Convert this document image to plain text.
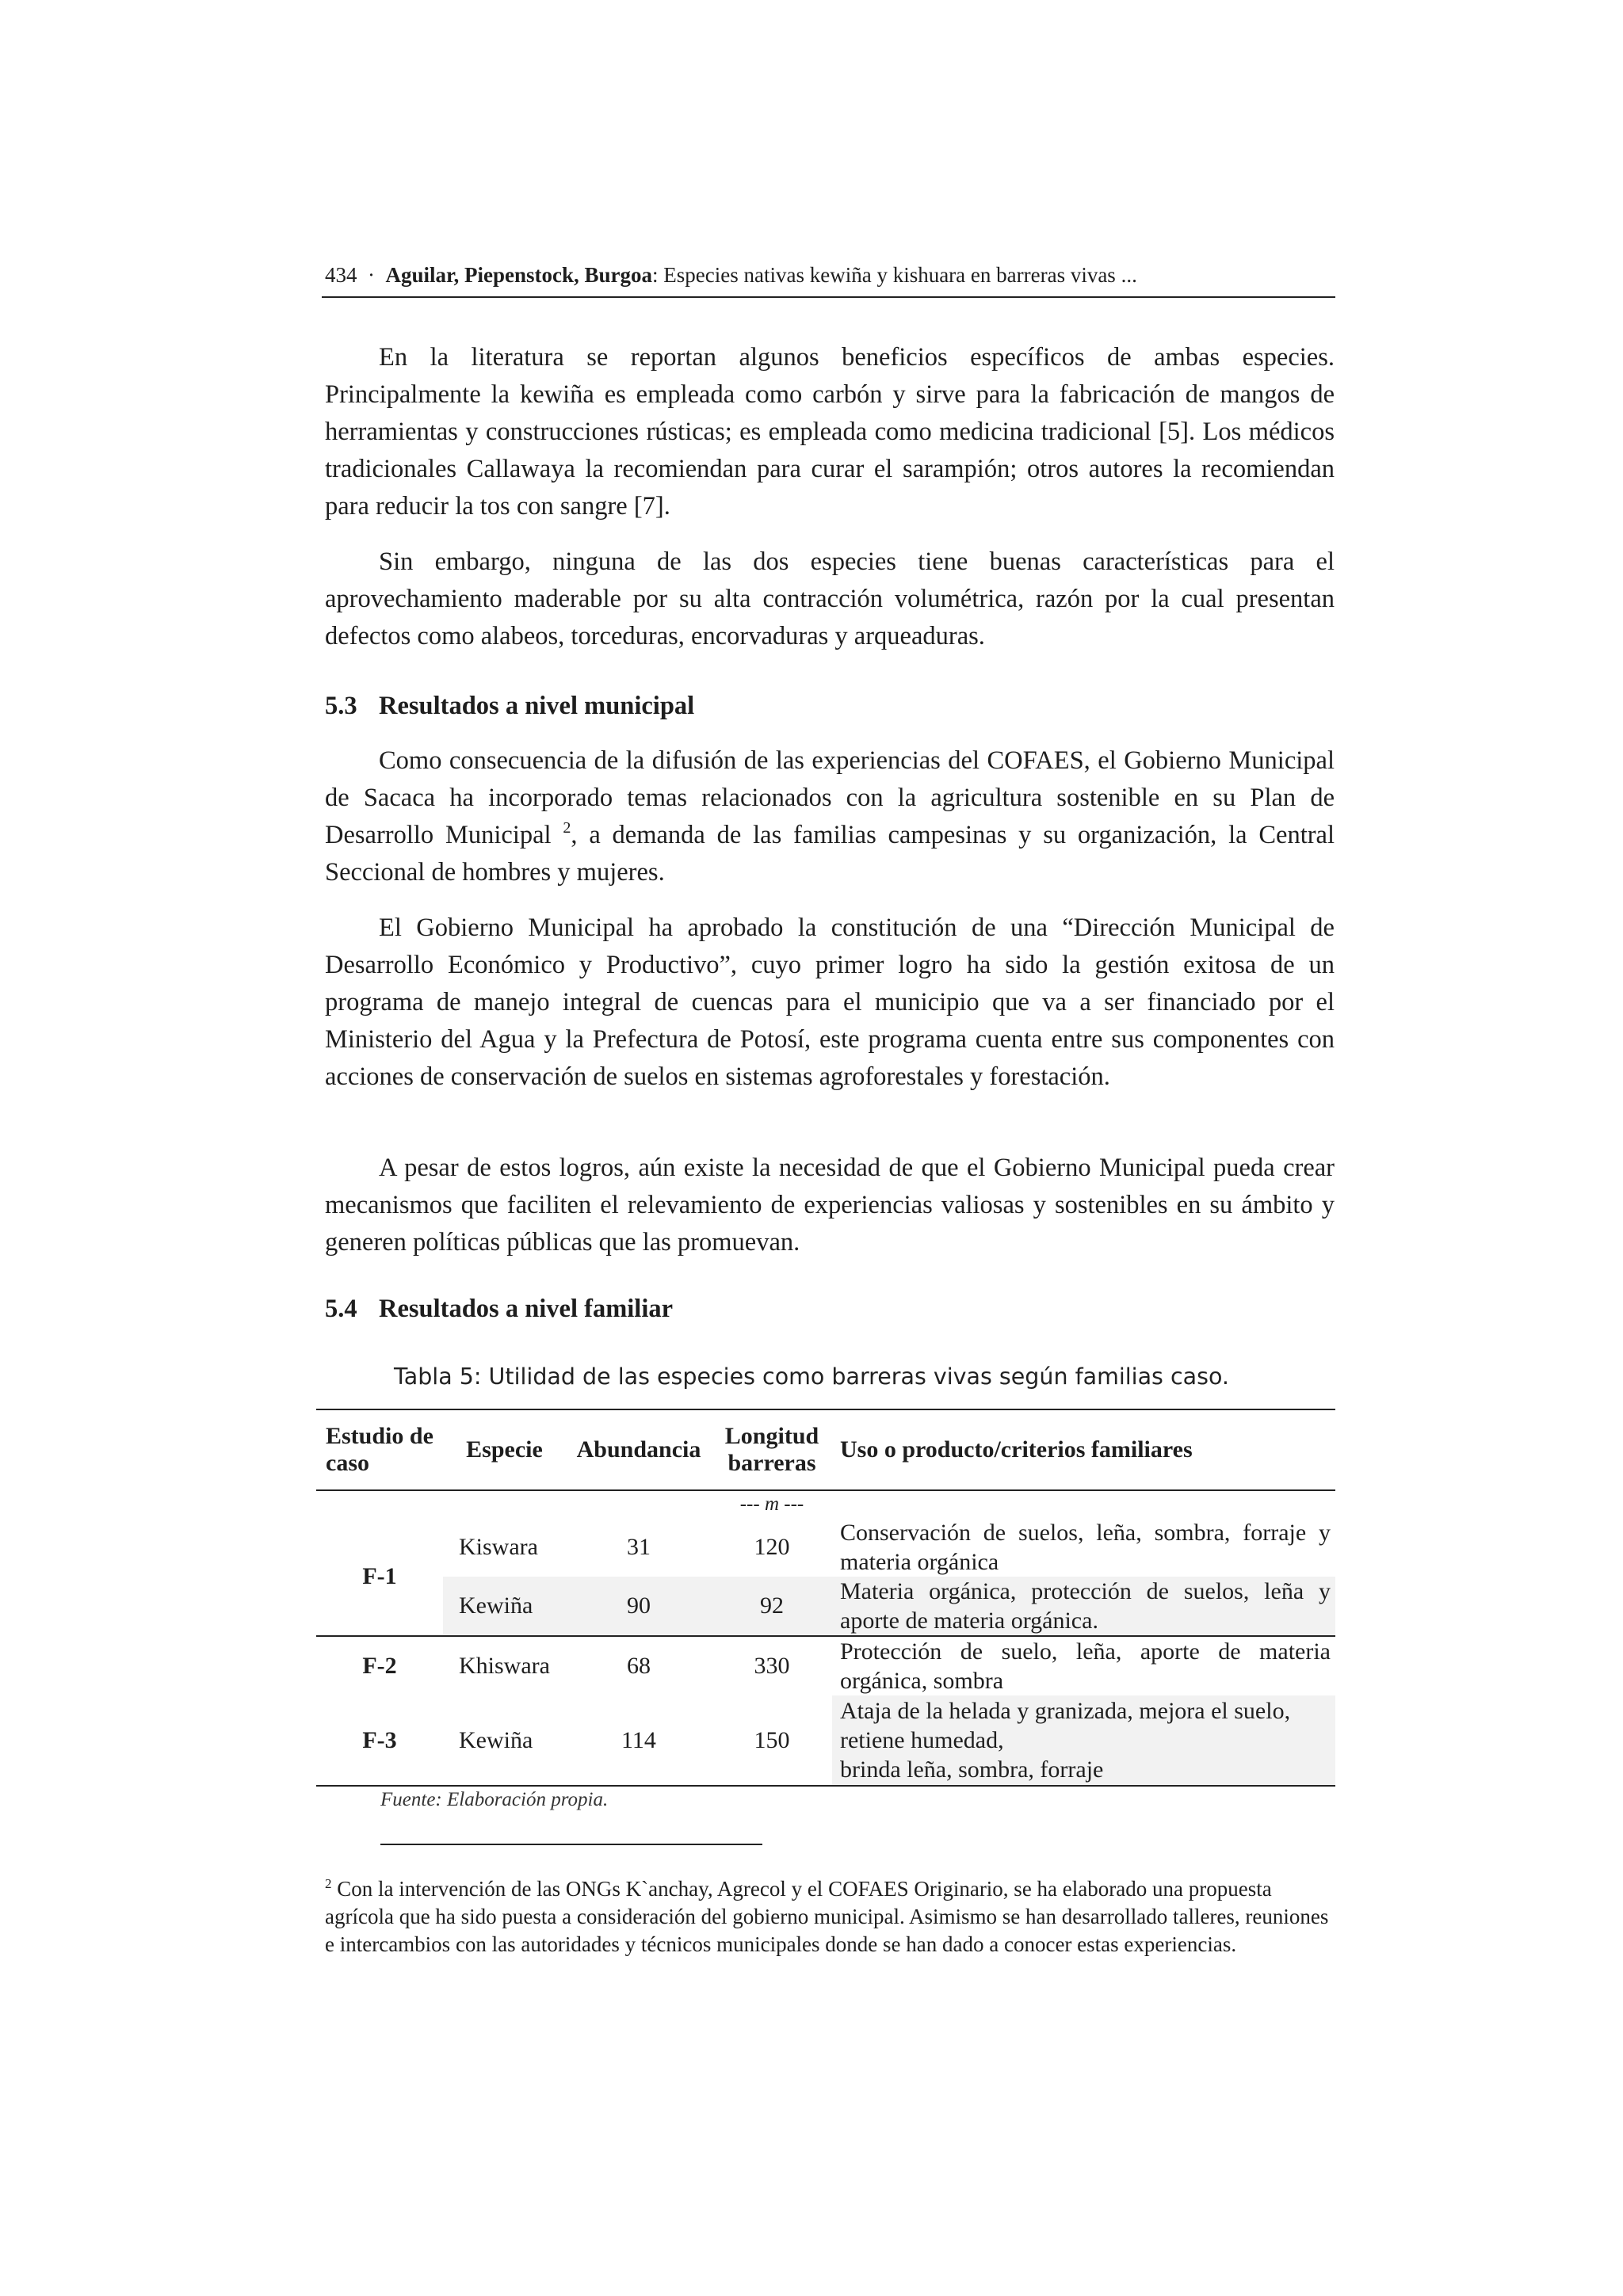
434 · Aguilar, Piepenstock, Burgoa: Especies nativas kewiña y kishuara en barreras vivas ...

En la literatura se reportan algunos beneficios específicos de ambas especies. Principalmente la kewiña es empleada como carbón y sirve para la fabricación de mangos de herramientas y construcciones rústicas; es empleada como medicina tradicional [5]. Los médicos tradicionales Callawaya la recomiendan para curar el sarampión; otros autores la recomiendan para reducir la tos con sangre [7].

Sin embargo, ninguna de las dos especies tiene buenas características para el aprovechamiento maderable por su alta contracción volumétrica, razón por la cual presentan defectos como alabeos, torceduras, encorvaduras y arqueaduras.

5.3 Resultados a nivel municipal

Como consecuencia de la difusión de las experiencias del COFAES, el Gobierno Municipal de Sacaca ha incorporado temas relacionados con la agricultura sostenible en su Plan de Desarrollo Municipal $^2$, a demanda de las familias campesinas y su organización, la Central Seccional de hombres y mujeres.

El Gobierno Municipal ha aprobado la constitución de una “Dirección Municipal de Desarrollo Económico y Productivo”, cuyo primer logro ha sido la gestión exitosa de un programa de manejo integral de cuencas para el municipio que va a ser financiado por el Ministerio del Agua y la Prefectura de Potosí, este programa cuenta entre sus componentes con acciones de conservación de suelos en sistemas agroforestales y forestación.

A pesar de estos logros, aún existe la necesidad de que el Gobierno Municipal pueda crear mecanismos que faciliten el relevamiento de experiencias valiosas y sostenibles en su ámbito y generen políticas públicas que las promuevan.

5.4 Resultados a nivel familiar
Tabla 5: Utilidad de las especies como barreras vivas según familias caso.
Estudio de caso	Especie	Abundancia	Longitud barreras	Uso o producto/criterios familiares
			--- m ---	
F-1	Kiswara	31	120	Conservación de suelos, leña, sombra, forraje y materia orgánica

	Kewiña	90	92	Materia orgánica, protección de suelos, leña y aporte de materia orgánica.

F-2	Khiswara	68	330	Protección de suelo, leña, aporte de materia orgánica, sombra

F-3	Kewiña	114	150	Ataja de la helada y granizada, mejora el suelo, retiene humedad,
brinda leña, sombra, forraje
Fuente: Elaboración propia.

$^2$ Con la intervención de las ONGs K`anchay, Agrecol y el COFAES Originario, se ha elaborado una propuesta agrícola que ha sido puesta a consideración del gobierno municipal. Asimismo se han desarrollado talleres, reuniones e intercambios con las autoridades y técnicos municipales donde se han dado a conocer estas experiencias.
